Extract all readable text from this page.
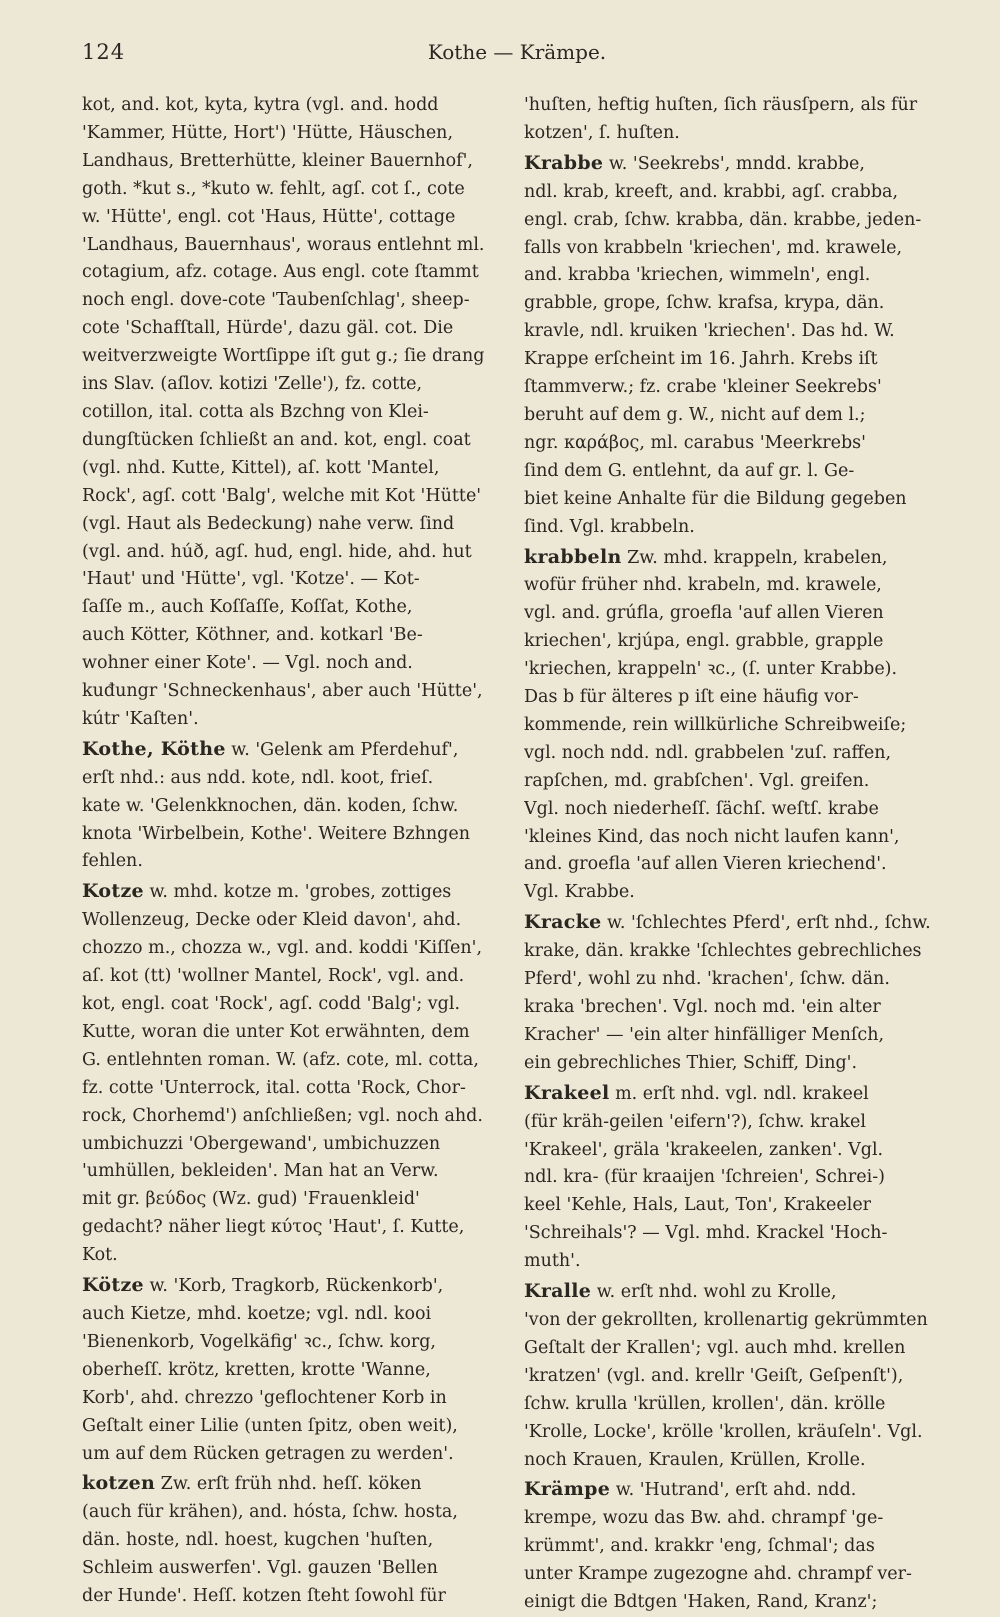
124	Kothe — Krämpe.
kot, and. kot, kyta, kytra (vgl. and. hodd
'Kammer, Hütte, Hort') 'Hütte, Häuschen,
Landhaus, Bretterhütte, kleiner Bauernhof',
goth. *kut s., *kuto w. fehlt, agſ. cot ſ., cote
w. 'Hütte', engl. cot 'Haus, Hütte', cottage
'Landhaus, Bauernhaus', woraus entlehnt ml.
cotagium, afz. cotage. Aus engl. cote ſtammt
noch engl. dove-cote 'Taubenſchlag', sheep-
cote 'Schafſtall, Hürde', dazu gäl. cot. Die
weitverzweigte Wortſippe iſt gut g.; ſie drang
ins Slav. (aſlov. kotizi 'Zelle'), fz. cotte,
cotillon, ital. cotta als Bzchng von Klei-
dungſtücken ſchließt an and. kot, engl. coat
(vgl. nhd. Kutte, Kittel), aſ. kott 'Mantel,
Rock', agſ. cott 'Balg', welche mit Kot 'Hütte'
(vgl. Haut als Bedeckung) nahe verw. ſind
(vgl. and. húð, agſ. hud, engl. hide, ahd. hut
'Haut' und 'Hütte', vgl. 'Kotze'. — Kot-
ſaſſe m., auch Koſſaſſe, Koſſat, Kothe,
auch Kötter, Köthner, and. kotkarl 'Be-
wohner einer Kote'. — Vgl. noch and.
kuđungr 'Schneckenhaus', aber auch 'Hütte',
kútr 'Kaſten'.
Kothe, Köthe w. 'Gelenk am Pferdehuf',
erſt nhd.: aus ndd. kote, ndl. koot, frieſ.
kate w. 'Gelenkknochen, dän. koden, ſchw.
knota 'Wirbelbein, Kothe'. Weitere Bzhngen
fehlen.
Kotze w. mhd. kotze m. 'grobes, zottiges
Wollenzeug, Decke oder Kleid davon', ahd.
chozzo m., chozza w., vgl. and. koddi 'Kiſſen',
aſ. kot (tt) 'wollner Mantel, Rock', vgl. and.
kot, engl. coat 'Rock', agſ. codd 'Balg'; vgl.
Kutte, woran die unter Kot erwähnten, dem
G. entlehnten roman. W. (afz. cote, ml. cotta,
fz. cotte 'Unterrock, ital. cotta 'Rock, Chor-
rock, Chorhemd') anſchließen; vgl. noch ahd.
umbichuzzi 'Obergewand', umbichuzzen
'umhüllen, bekleiden'. Man hat an Verw.
mit gr. βεύδος (Wz. gud) 'Frauenkleid'
gedacht? näher liegt κύτος 'Haut', ſ. Kutte,
Kot.
Kötze w. 'Korb, Tragkorb, Rückenkorb',
auch Kietze, mhd. koetze; vgl. ndl. kooi
'Bienenkorb, Vogelkäfig' ꝛc., ſchw. korg,
oberheſſ. krötz, kretten, krotte 'Wanne,
Korb', ahd. chrezzo 'geflochtener Korb in
Geſtalt einer Lilie (unten ſpitz, oben weit),
um auf dem Rücken getragen zu werden'.
kotzen Zw. erſt früh nhd. heſſ. köken
(auch für krähen), and. hósta, ſchw. hosta,
dän. hoste, ndl. hoest, kugchen 'huſten,
Schleim auswerfen'. Vgl. gauzen 'Bellen
der Hunde'. Heſſ. kotzen ſteht ſowohl für
'huſten, heftig huſten, ſich räusſpern, als für
kotzen', ſ. huſten.
Krabbe w. 'Seekrebs', mndd. krabbe,
ndl. krab, kreeft, and. krabbi, agſ. crabba,
engl. crab, ſchw. krabba, dän. krabbe, jeden-
falls von krabbeln 'kriechen', md. krawele,
and. krabba 'kriechen, wimmeln', engl.
grabble, grope, ſchw. krafsa, krypa, dän.
kravle, ndl. kruiken 'kriechen'. Das hd. W.
Krappe erſcheint im 16. Jahrh. Krebs iſt
ſtammverw.; fz. crabe 'kleiner Seekrebs'
beruht auf dem g. W., nicht auf dem l.;
ngr. καράβος, ml. carabus 'Meerkrebs'
ſind dem G. entlehnt, da auf gr. l. Ge-
biet keine Anhalte für die Bildung gegeben
ſind. Vgl. krabbeln.
krabbeln Zw. mhd. krappeln, krabelen,
wofür früher nhd. krabeln, md. krawele,
vgl. and. grúfla, groefla 'auf allen Vieren
kriechen', krjúpa, engl. grabble, grapple
'kriechen, krappeln' ꝛc., (ſ. unter Krabbe).
Das b für älteres p iſt eine häufig vor-
kommende, rein willkürliche Schreibweiſe;
vgl. noch ndd. ndl. grabbelen 'zuſ. raffen,
rapſchen, md. grabſchen'. Vgl. greifen.
Vgl. noch niederheſſ. ſächſ. weſtſ. krabe
'kleines Kind, das noch nicht laufen kann',
and. groefla 'auf allen Vieren kriechend'.
Vgl. Krabbe.
Kracke w. 'ſchlechtes Pferd', erſt nhd., ſchw.
krake, dän. krakke 'ſchlechtes gebrechliches
Pferd', wohl zu nhd. 'krachen', ſchw. dän.
kraka 'brechen'. Vgl. noch md. 'ein alter
Kracher' — 'ein alter hinfälliger Menſch,
ein gebrechliches Thier, Schiff, Ding'.
Krakeel m. erſt nhd. vgl. ndl. krakeel
(für kräh-geilen 'eifern'?), ſchw. krakel
'Krakeel', gräla 'krakeelen, zanken'. Vgl.
ndl. kra- (für kraaijen 'ſchreien', Schrei-)
keel 'Kehle, Hals, Laut, Ton', Krakeeler
'Schreihals'? — Vgl. mhd. Krackel 'Hoch-
muth'.
Kralle w. erſt nhd. wohl zu Krolle,
'von der gekrollten, krollenartig gekrümmten
Geſtalt der Krallen'; vgl. auch mhd. krellen
'kratzen' (vgl. and. krellr 'Geiſt, Geſpenſt'),
ſchw. krulla 'krüllen, krollen', dän. krölle
'Krolle, Locke', krölle 'krollen, kräuſeln'. Vgl.
noch Krauen, Kraulen, Krüllen, Krolle.
Krämpe w. 'Hutrand', erſt ahd. ndd.
krempe, wozu das Bw. ahd. chrampf 'ge-
krümmt', and. krakkr 'eng, ſchmal'; das
unter Krampe zugezogne ahd. chrampf ver-
einigt die Bdtgen 'Haken, Rand, Kranz';
